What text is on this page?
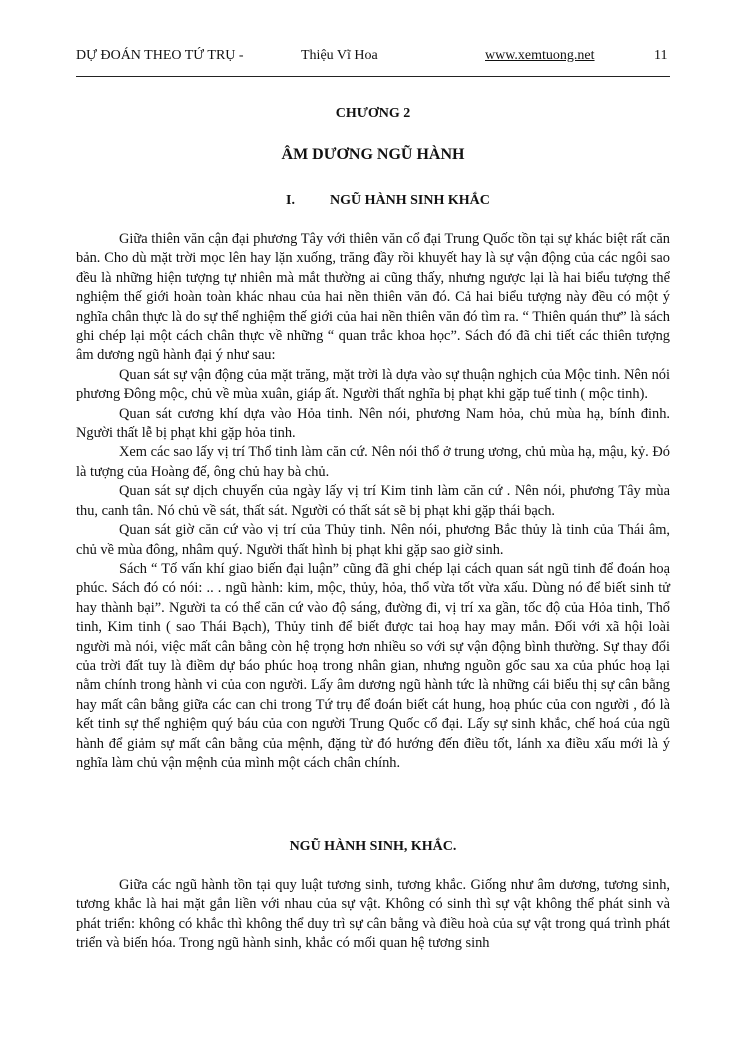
DỰ ĐOÁN THEO TỨ TRỤ -	Thiệu Vĩ Hoa	www.xemtuong.net	11
CHƯƠNG 2
ÂM DƯƠNG NGŨ HÀNH
I.	NGŨ HÀNH SINH KHẮC

Giữa thiên văn cận đại phương Tây với thiên văn cổ đại Trung Quốc tồn tại sự khác biệt rất căn bản. Cho dù mặt trời mọc lên hay lặn xuống, trăng đầy rồi khuyết hay là sự vận động của các ngôi sao đều là những hiện tượng tự nhiên mà mắt thường ai cũng thấy, nhưng ngược lại là hai biểu tượng thể nghiệm thế giới hoàn toàn khác nhau của hai nền thiên văn đó. Cả hai biểu tượng này đều có một ý nghĩa chân thực là do sự thể nghiệm thế giới của hai nền thiên văn đó tìm ra. “ Thiên quán thư” là sách ghi chép lại một cách chân thực về những “ quan trắc khoa học”. Sách đó đã chi tiết các thiên tượng âm dương ngũ hành đại ý như sau:

Quan sát sự vận động của mặt trăng, mặt trời là dựa vào sự thuận nghịch của Mộc tinh. Nên nói phương Đông mộc, chủ về mùa xuân, giáp ất. Người thất nghĩa bị phạt khi gặp tuế tinh ( mộc tinh).

Quan sát cương khí dựa vào Hỏa tinh. Nên nói, phương Nam hỏa, chủ mùa hạ, bính đinh. Người thất lễ bị phạt khi gặp hỏa tinh.

Xem các sao lấy vị trí Thổ tinh làm căn cứ. Nên nói thổ ở trung ương, chủ mùa hạ, mậu, kỷ. Đó là tượng của Hoàng đế, ông chủ hay bà chủ.

Quan sát sự dịch chuyển của ngày lấy vị trí Kim tinh làm căn cứ . Nên nói, phương Tây mùa thu, canh tân. Nó chủ về sát, thất sát. Người có thất sát sẽ bị phạt khi gặp thái bạch.

Quan sát giờ căn cứ vào vị trí của Thủy tinh. Nên nói, phương Bắc thủy là tinh của Thái âm, chủ về mùa đông, nhâm quý. Người thất hình bị phạt khi gặp sao giờ sinh.

Sách “ Tố vấn khí giao biến đại luận” cũng đã ghi chép lại cách quan sát ngũ tinh để đoán hoạ phúc. Sách đó có nói: .. . ngũ hành: kim, mộc, thủy, hỏa, thổ vừa tốt vừa xấu. Dùng nó để biết sinh tử hay thành bại”. Người ta có thể căn cứ vào độ sáng, đường đi, vị trí xa gần, tốc độ của Hỏa tinh, Thổ tinh, Kim tinh ( sao Thái Bạch), Thủy tinh để biết được tai hoạ hay may mắn. Đối với xã hội loài người mà nói, việc mất cân bằng còn hệ trọng hơn nhiều so với sự vận động bình thường. Sự thay đổi của trời đất tuy là điềm dự báo phúc hoạ trong nhân gian, nhưng nguồn gốc sau xa của phúc hoạ lại nằm chính trong hành vi của con người. Lấy âm dương ngũ hành tức là những cái biểu thị sự cân bằng hay mất cân bằng giữa các can chi trong Tứ trụ để đoán biết cát hung, hoạ phúc của con người , đó là kết tinh sự thể nghiệm quý báu của con người Trung Quốc cổ đại. Lấy sự sinh khắc, chế hoá của ngũ hành để giảm sự mất cân bằng của mệnh, đặng từ đó hướng đến điều tốt, lánh xa điều xấu mới là ý nghĩa làm chủ vận mệnh của mình một cách chân chính.

NGŨ HÀNH SINH, KHẮC.

Giữa các ngũ hành tồn tại quy luật tương sinh, tương khắc. Giống như âm dương, tương sinh, tương khắc là hai mặt gắn liền với nhau của sự vật. Không có sinh thì sự vật không thể phát sinh và phát triển: không có khắc thì không thể duy trì sự cân bằng và điều hoà của sự vật trong quá trình phát triển và biến hóa. Trong ngũ hành sinh, khắc có mối quan hệ tương sinh
